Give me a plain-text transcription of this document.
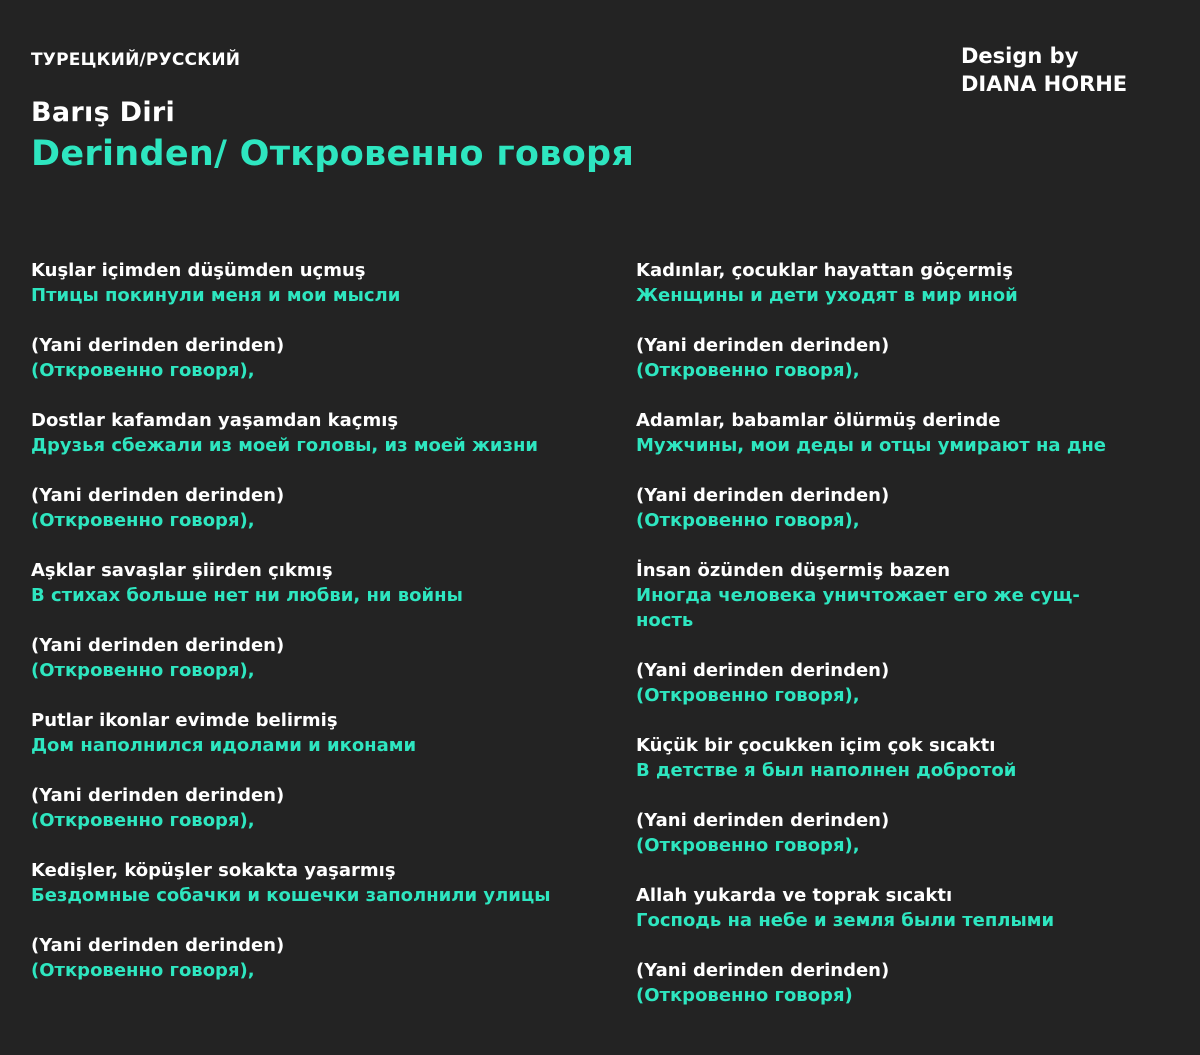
ТУРЕЦКИЙ/РУССКИЙ	Design by
DIANA HORHE
Barış Diri
Derinden/ Откровенно говоря
Kuşlar içimden düşümden uçmuş
Птицы покинули меня и мои мысли
(Yani derinden derinden)
(Откровенно говоря),
Dostlar kafamdan yaşamdan kaçmış
Друзья сбежали из моей головы, из моей жизни
(Yani derinden derinden)
(Откровенно говоря),
Aşklar savaşlar şiirden çıkmış
В стихах больше нет ни любви, ни войны
(Yani derinden derinden)
(Откровенно говоря),
Putlar ikonlar evimde belirmiş
Дом наполнился идолами и иконами
(Yani derinden derinden)
(Откровенно говоря),
Kedişler, köpüşler sokakta yaşarmış
Бездомные собачки и кошечки заполнили улицы
(Yani derinden derinden)
(Откровенно говоря),
Kadınlar, çocuklar hayattan göçermiş
Женщины и дети уходят в мир иной
(Yani derinden derinden)
(Откровенно говоря),
Adamlar, babamlar ölürmüş derinde
Мужчины, мои деды и отцы умирают на дне
(Yani derinden derinden)
(Откровенно говоря),
İnsan özünden düşermiş bazen
Иногда человека уничтожает его же сущ-ность
(Yani derinden derinden)
(Откровенно говоря),
Küçük bir çocukken içim çok sıcaktı
В детстве я был наполнен добротой
(Yani derinden derinden)
(Откровенно говоря),
Allah yukarda ve toprak sıcaktı
Господь на небе и земля были теплыми
(Yani derinden derinden)
(Откровенно говоря)
